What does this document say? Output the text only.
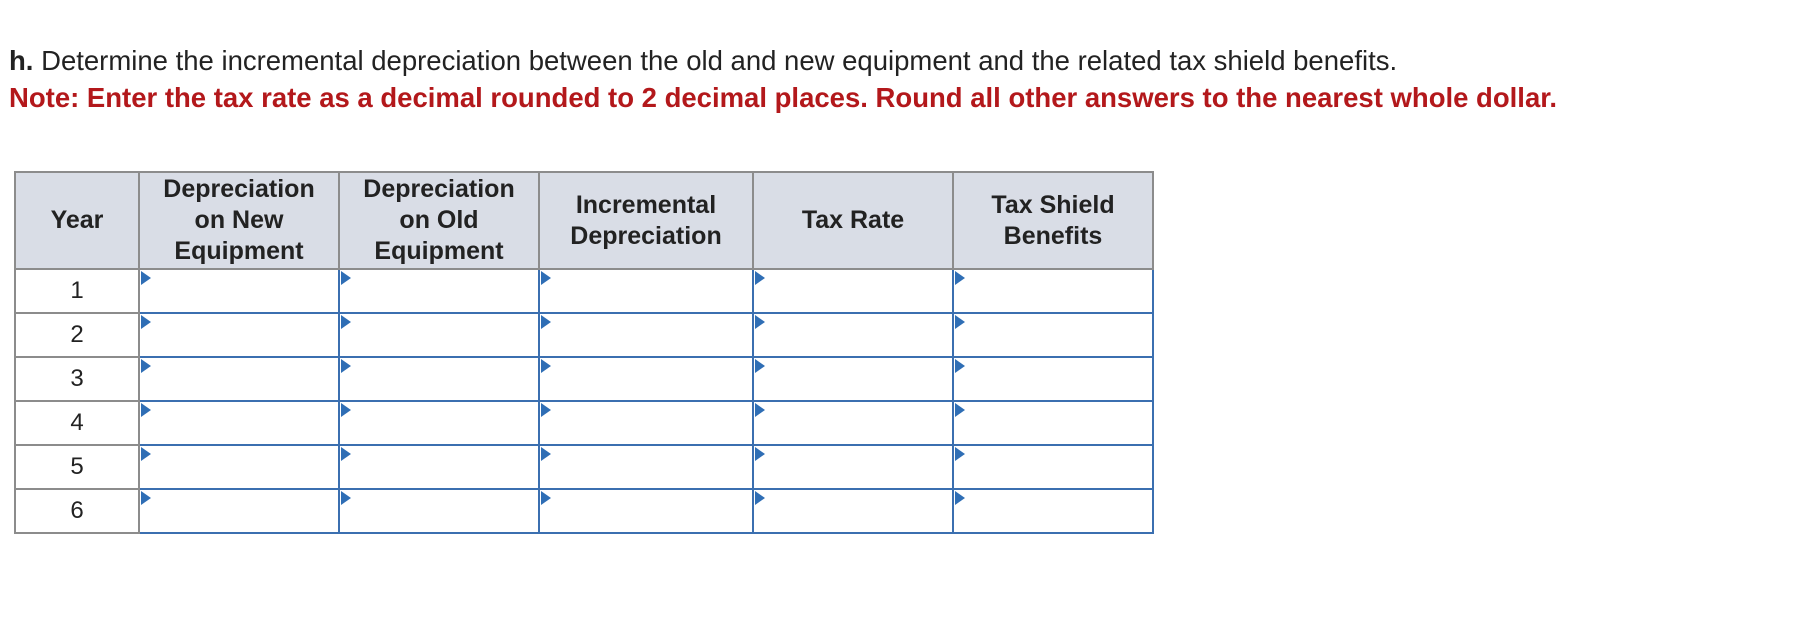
h. Determine the incremental depreciation between the old and new equipment and the related tax shield benefits.
Note: Enter the tax rate as a decimal rounded to 2 decimal places. Round all other answers to the nearest whole dollar.
Year	Depreciation on New Equipment	Depreciation on Old Equipment	Incremental Depreciation	Tax Rate	Tax Shield Benefits
1	

2	

3	

4	

5	

6	
